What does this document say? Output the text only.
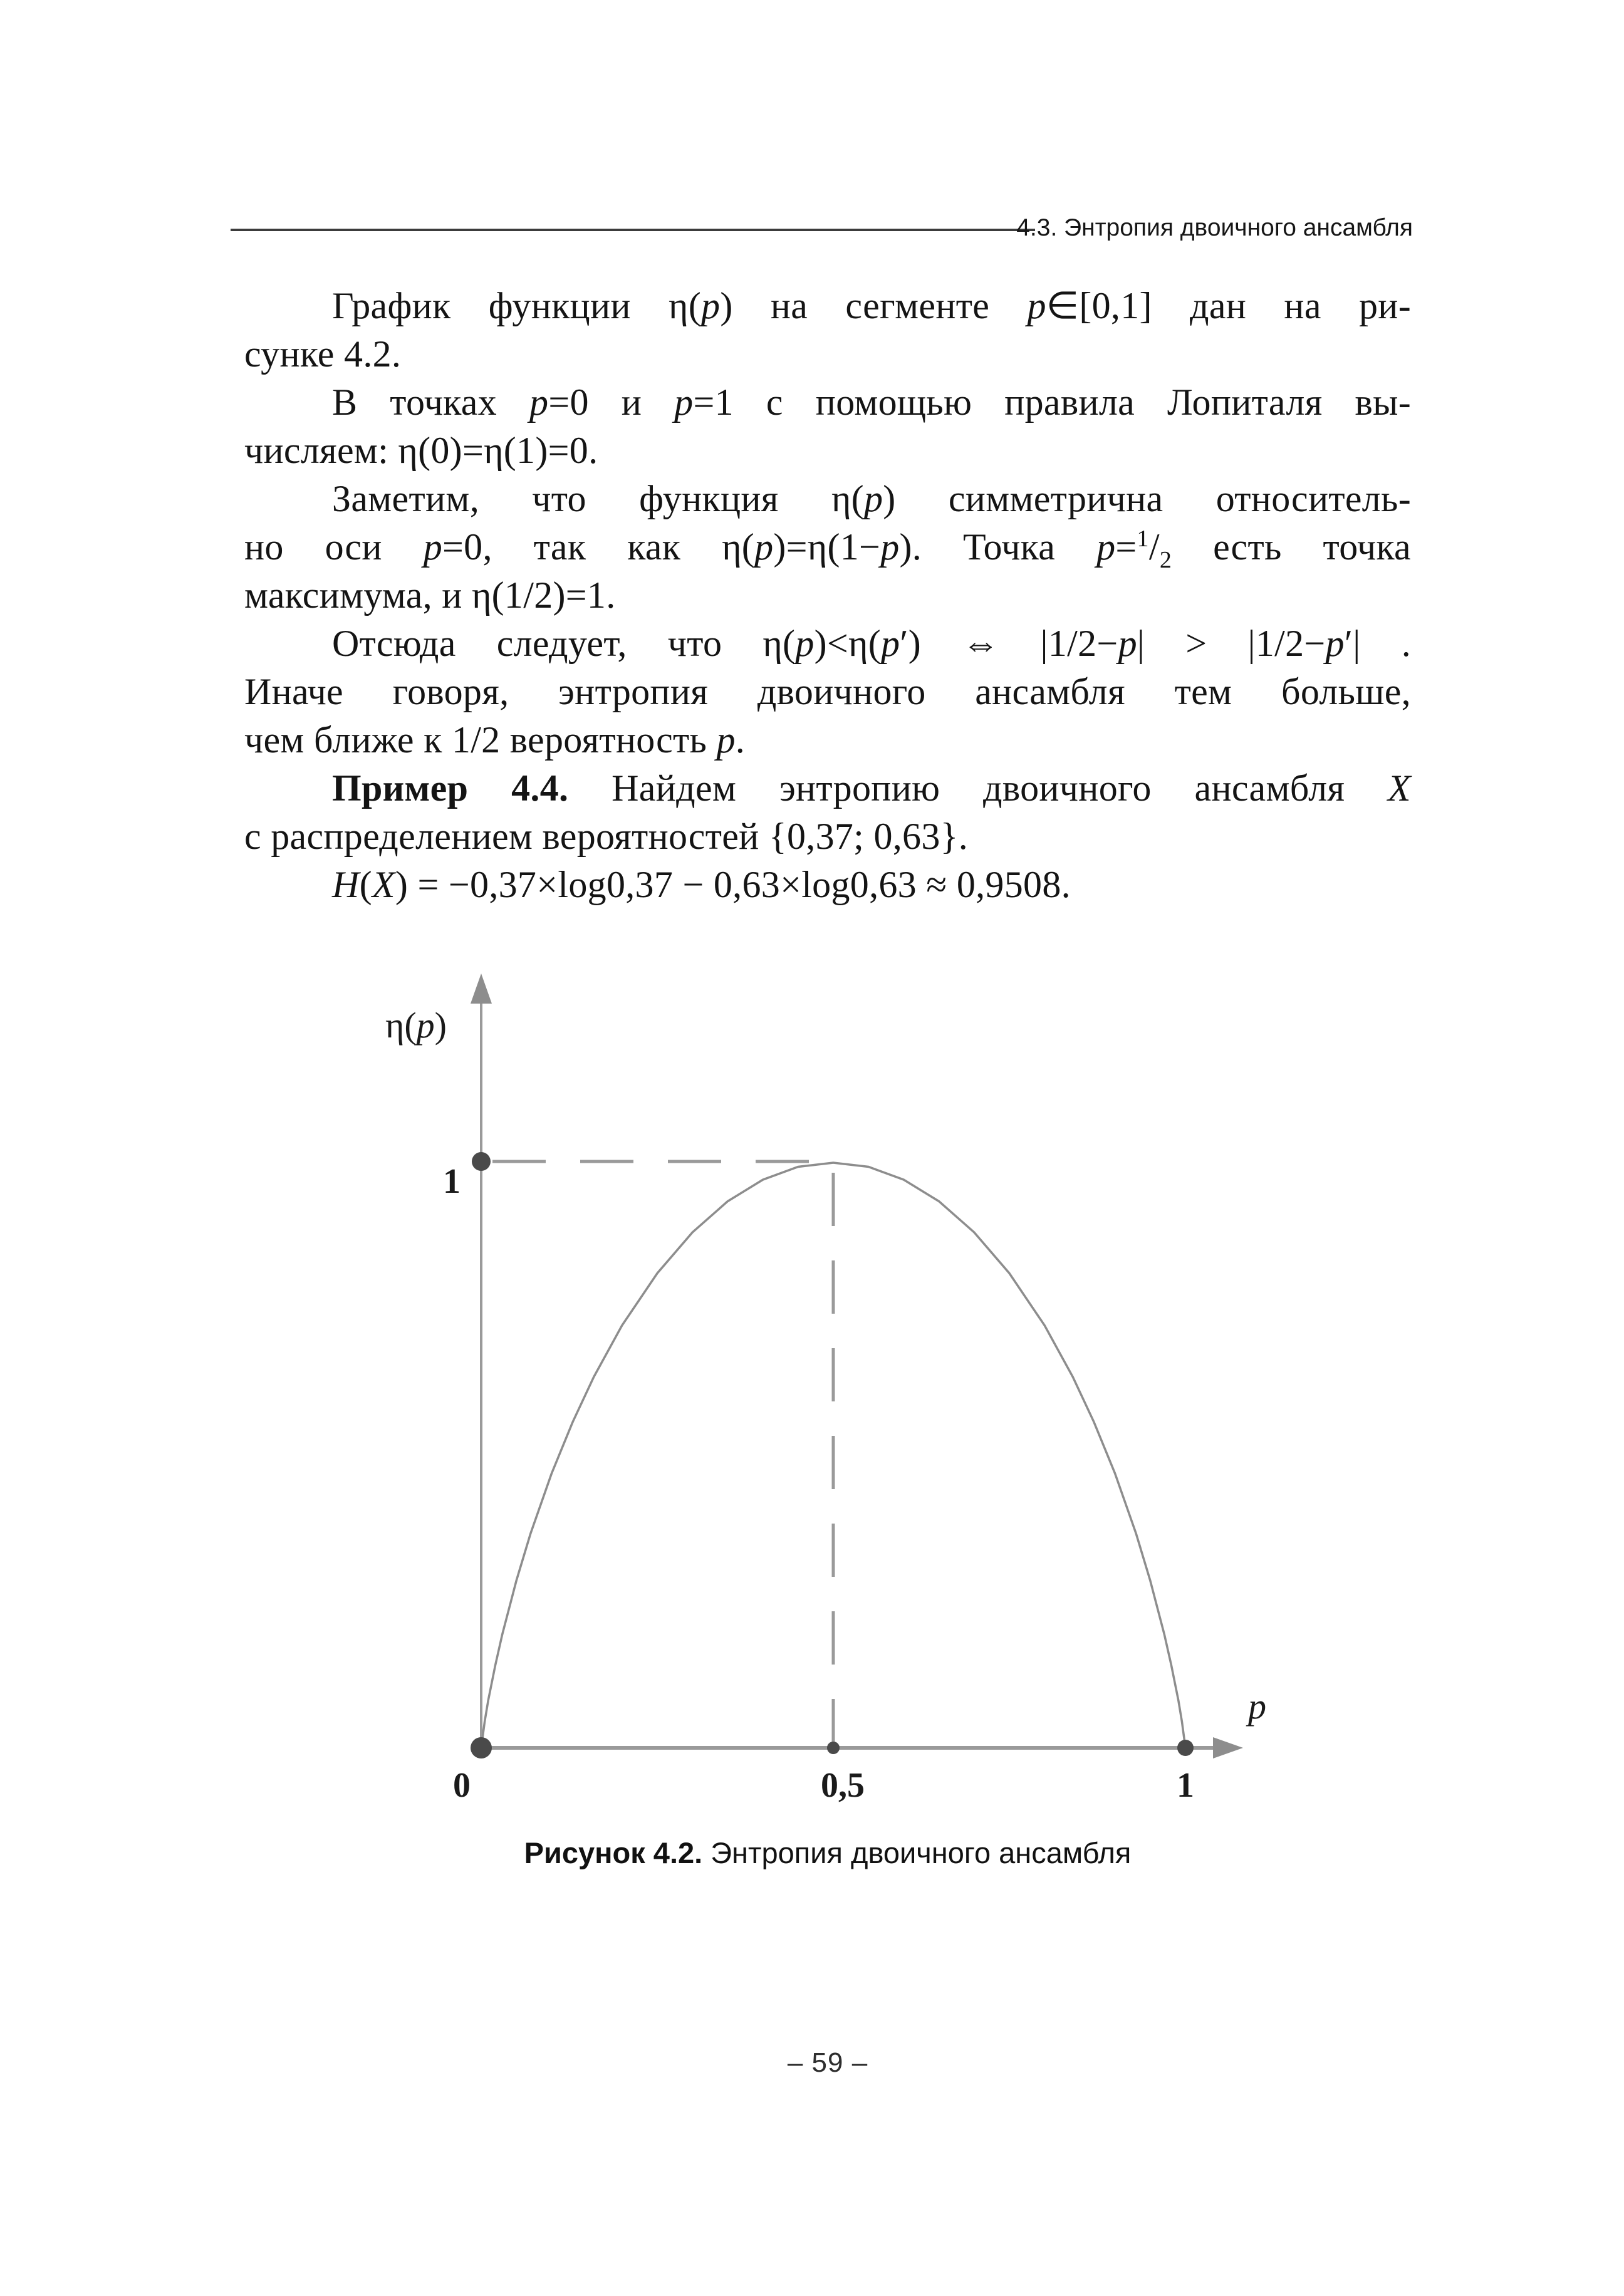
4.3. Энтропия двоичного ансамбля
График функции η(p) на сегменте p∈[0,1] дан на ри-
сунке 4.2.
В точках p=0 и p=1 с помощью правила Лопиталя вы-
числяем: η(0)=η(1)=0.
Заметим, что функция η(p) симметрична относитель-
но оси p=0, так как η(p)=η(1−p). Точка $p=^1/_2$ есть точка
максимума, и η(1/2)=1.
Отсюда следует, что η(p)<η(p′) ⇔ |1/2−p| > |1/2−p′| .
Иначе говоря, энтропия двоичного ансамбля тем больше,
чем ближе к 1/2 вероятность p.
Пример 4.4. Найдем энтропию двоичного ансамбля X
с распределением вероятностей {0,37; 0,63}.
H(X) = −0,37×log0,37 − 0,63×log0,63 ≈ 0,9508.
η(p)
1
0	0,5	1
p
Рисунок 4.2. Энтропия двоичного ансамбля
– 59 –
